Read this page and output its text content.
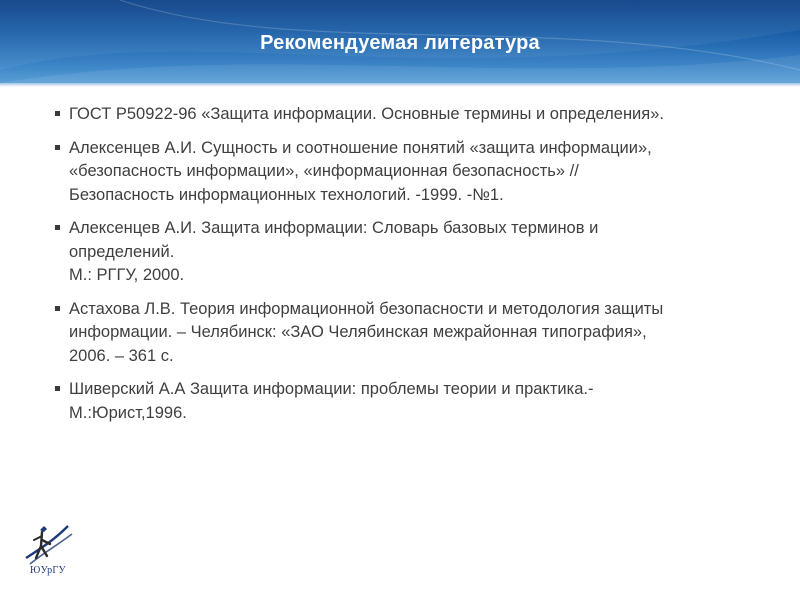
Рекомендуемая литература
ГОСТ Р50922-96 «Защита информации. Основные термины и определения».
Алексенцев А.И. Сущность и соотношение понятий «защита информации»,
«безопасность информации», «информационная безопасность» //
Безопасность информационных технологий. -1999. -№1.
Алексенцев А.И. Защита информации: Словарь базовых терминов и
определений.
М.: РГГУ, 2000.
Астахова Л.В. Теория информационной безопасности и методология защиты
информации. – Челябинск: «ЗАО Челябинская межрайонная типография»,
2006. – 361 с.
Шиверский А.А Защита информации: проблемы теории и практика.-
М.:Юрист,1996.
ЮУрГУ
